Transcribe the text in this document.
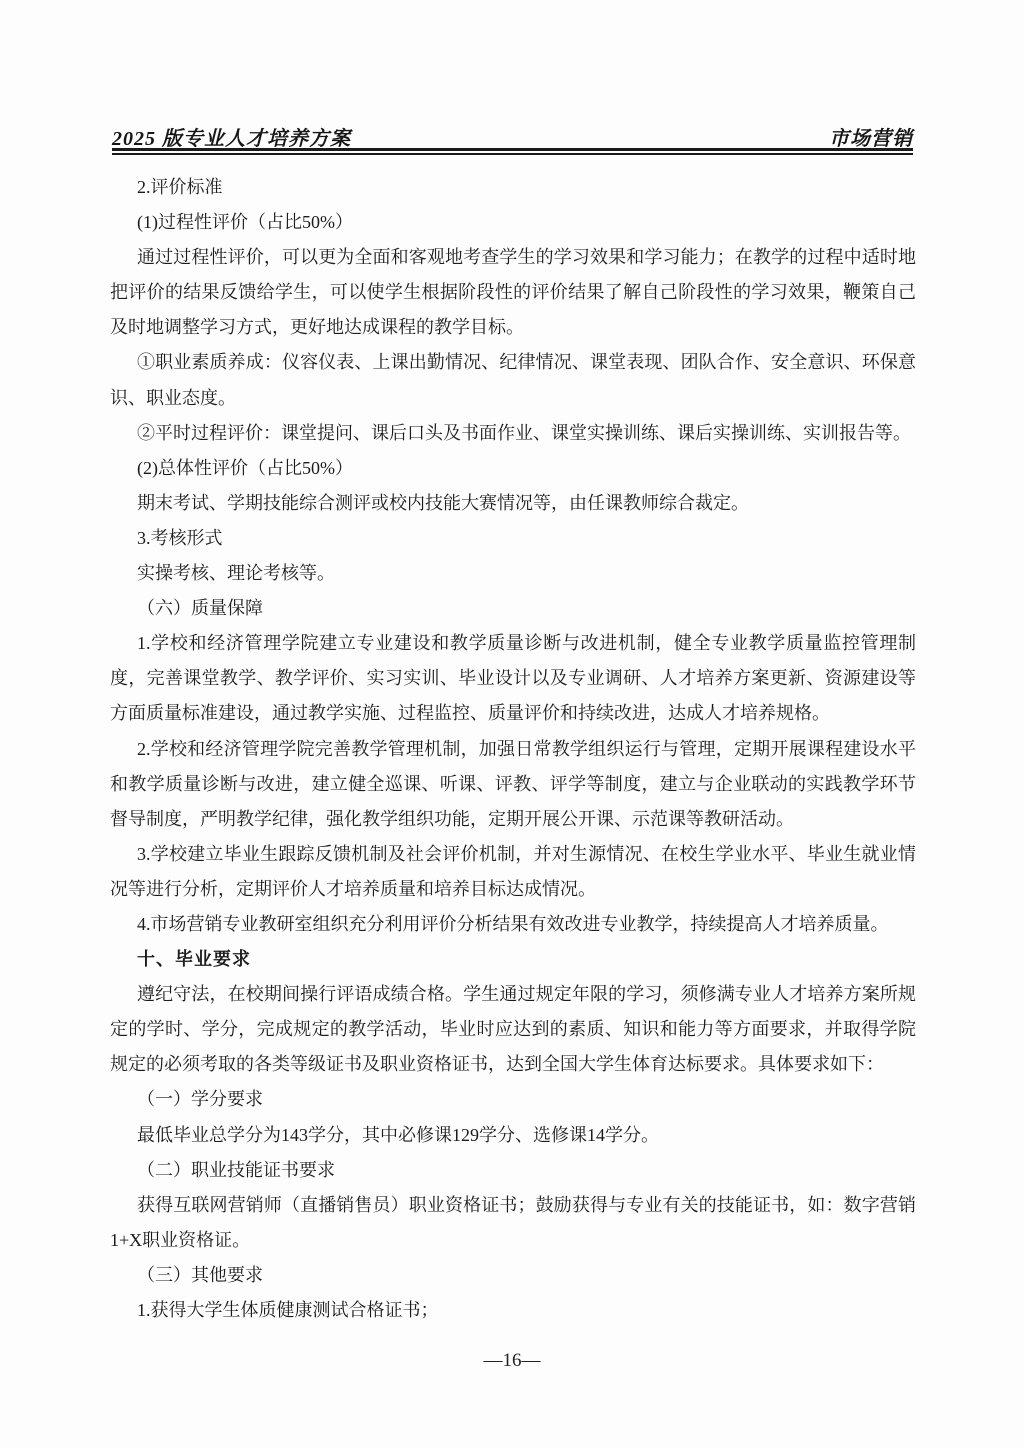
2025 版专业人才培养方案	市场营销

2.评价标准

(1)过程性评价（占比50%）

通过过程性评价，可以更为全面和客观地考查学生的学习效果和学习能力；在教学的过程中适时地把评价的结果反馈给学生，可以使学生根据阶段性的评价结果了解自己阶段性的学习效果，鞭策自己及时地调整学习方式，更好地达成课程的教学目标。

①职业素质养成：仪容仪表、上课出勤情况、纪律情况、课堂表现、团队合作、安全意识、环保意识、职业态度。

②平时过程评价：课堂提问、课后口头及书面作业、课堂实操训练、课后实操训练、实训报告等。

(2)总体性评价（占比50%）

期末考试、学期技能综合测评或校内技能大赛情况等，由任课教师综合裁定。

3.考核形式

实操考核、理论考核等。

（六）质量保障

1.学校和经济管理学院建立专业建设和教学质量诊断与改进机制，健全专业教学质量监控管理制度，完善课堂教学、教学评价、实习实训、毕业设计以及专业调研、人才培养方案更新、资源建设等方面质量标准建设，通过教学实施、过程监控、质量评价和持续改进，达成人才培养规格。

2.学校和经济管理学院完善教学管理机制，加强日常教学组织运行与管理，定期开展课程建设水平和教学质量诊断与改进，建立健全巡课、听课、评教、评学等制度，建立与企业联动的实践教学环节督导制度，严明教学纪律，强化教学组织功能，定期开展公开课、示范课等教研活动。

3.学校建立毕业生跟踪反馈机制及社会评价机制，并对生源情况、在校生学业水平、毕业生就业情况等进行分析，定期评价人才培养质量和培养目标达成情况。

4.市场营销专业教研室组织充分利用评价分析结果有效改进专业教学，持续提高人才培养质量。

十、毕业要求

遵纪守法，在校期间操行评语成绩合格。学生通过规定年限的学习，须修满专业人才培养方案所规定的学时、学分，完成规定的教学活动，毕业时应达到的素质、知识和能力等方面要求，并取得学院规定的必须考取的各类等级证书及职业资格证书，达到全国大学生体育达标要求。具体要求如下：

（一）学分要求

最低毕业总学分为143学分，其中必修课129学分、选修课14学分。

（二）职业技能证书要求

获得互联网营销师（直播销售员）职业资格证书；鼓励获得与专业有关的技能证书，如：数字营销1+X职业资格证。

（三）其他要求

1.获得大学生体质健康测试合格证书；

—16—
